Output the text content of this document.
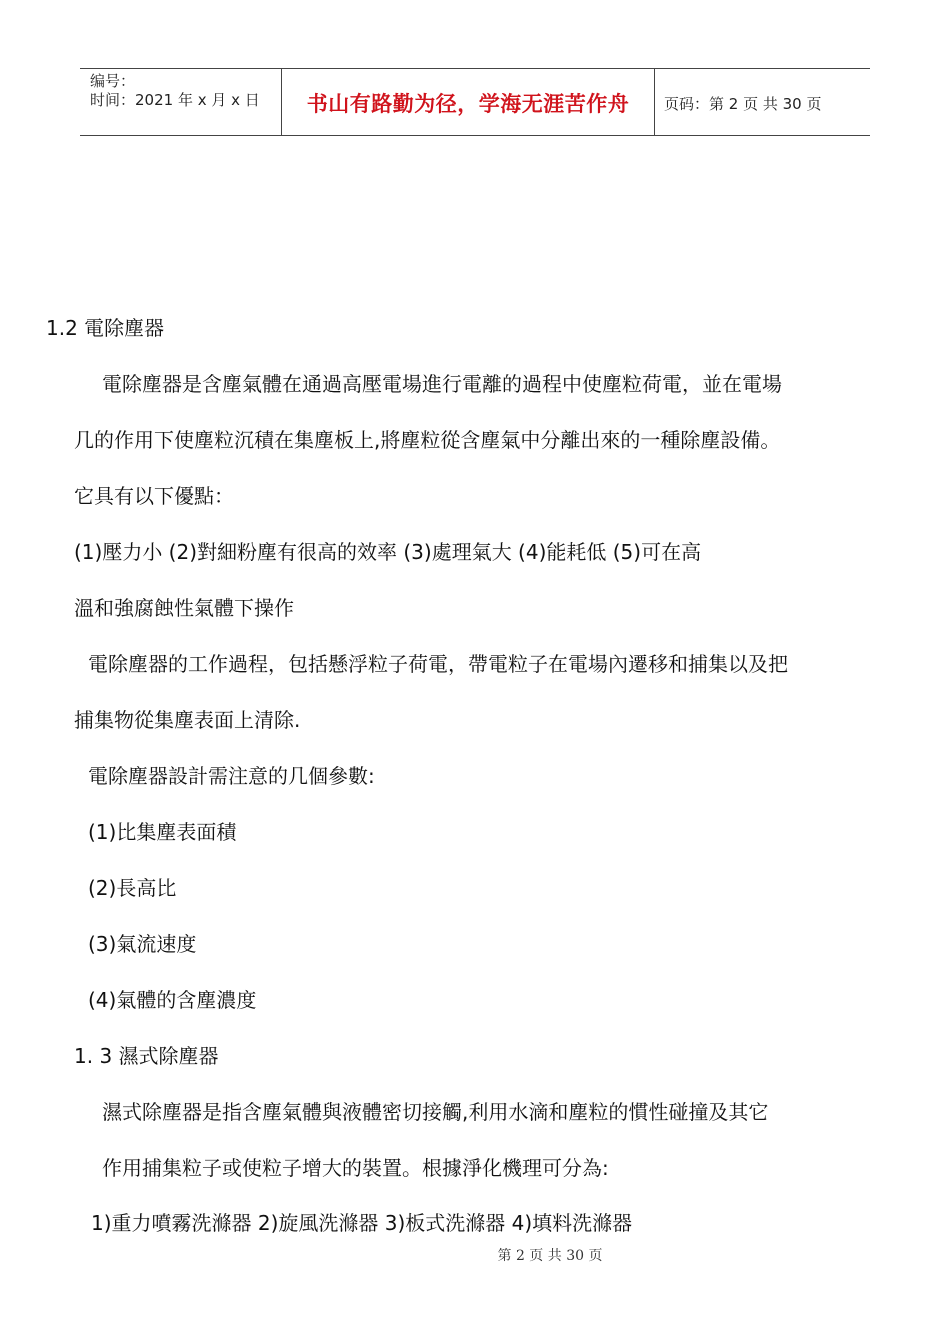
编号：
时间：2021 年 x 月 x 日	书山有路勤为径，学海无涯苦作舟	页码：第 2 页 共 30 页
1.2 電除塵器
電除塵器是含塵氣體在通過高壓電場進行電離的過程中使塵粒荷電，並在電場
几的作用下使塵粒沉積在集塵板上,將塵粒從含塵氣中分離出來的一種除塵設備。
它具有以下優點：
(1)壓力小 (2)對細粉塵有很高的效率 (3)處理氣大 (4)能耗低 (5)可在高
溫和強腐蝕性氣體下操作
電除塵器的工作過程，包括懸浮粒子荷電，帶電粒子在電場內遷移和捕集以及把
捕集物從集塵表面上清除.
電除塵器設計需注意的几個參數:
(1)比集塵表面積
(2)長高比
(3)氣流速度
(4)氣體的含塵濃度
1. 3 濕式除塵器
濕式除塵器是指含塵氣體與液體密切接觸,利用水滴和塵粒的慣性碰撞及其它
作用捕集粒子或使粒子增大的裝置。根據淨化機理可分為:
1)重力噴霧洗滌器 2)旋風洗滌器 3)板式洗滌器 4)填料洗滌器
第 2 页 共 30 页
